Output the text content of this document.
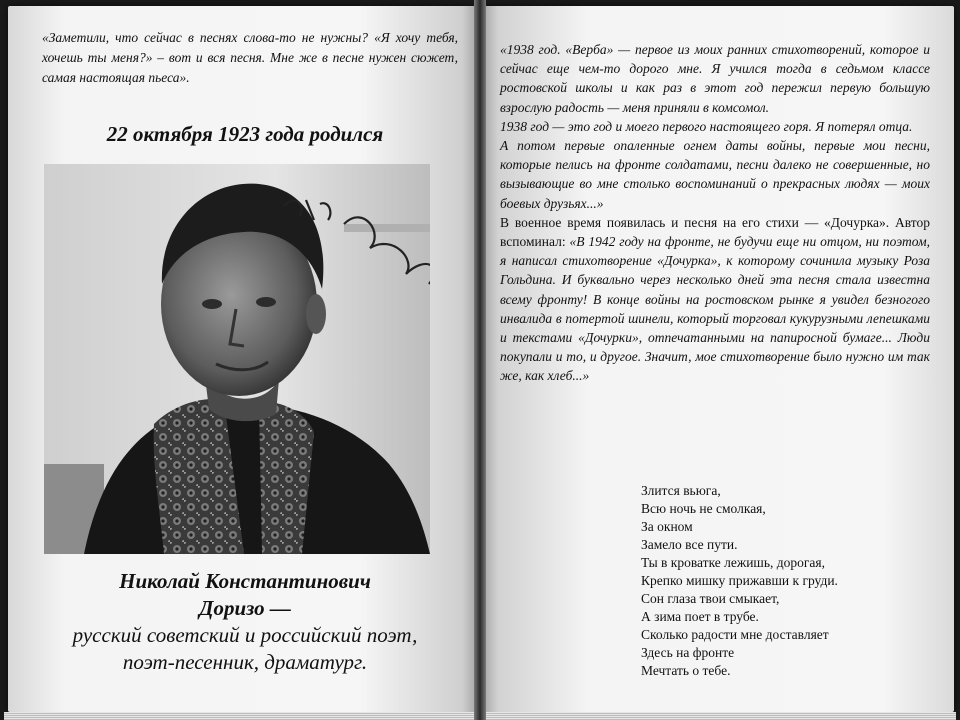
«Заметили, что сейчас в песнях слова-то не нужны? «Я хочу тебя, хочешь ты меня?» – вот и вся песня. Мне же в песне нужен сюжет, самая настоящая пьеса».
22 октября 1923 года родился
Николай Константинович
Доризо —
русский советский и российский поэт,
поэт-песенник, драматург.

«1938 год. «Верба» — первое из моих ранних стихотворений, которое и сейчас еще чем-то дорого мне. Я учился тогда в седьмом классе ростовской школы и как раз в этот год пережил первую большую взрослую радость — меня приняли в комсомол.

1938 год — это год и моего первого настоящего горя. Я потерял отца.

А потом первые опаленные огнем даты войны, первые мои песни, которые пелись на фронте солдатами, песни далеко не совершенные, но вызывающие во мне столько воспоминаний о прекрасных людях — моих боевых друзьях...»

В военное время появилась и песня на его стихи — «Дочурка». Автор вспоминал: «В 1942 году на фронте, не будучи еще ни отцом, ни поэтом, я написал стихотворение «Дочурка», к которому сочинила музыку Роза Гольдина. И буквально через несколько дней эта песня стала известна всему фронту! В конце войны на ростовском рынке я увидел безногого инвалида в потертой шинели, который торговал кукурузными лепешками и текстами «Дочурки», отпечатанными на папиросной бумаге... Люди покупали и то, и другое. Значит, мое стихотворение было нужно им так же, как хлеб...»

Злится вьюга,
Всю ночь не смолкая,
За окном
Замело все пути.
Ты в кроватке лежишь, дорогая,
Крепко мишку прижавши к груди.
Сон глаза твои смыкает,
А зима поет в трубе.
Сколько радости мне доставляет
Здесь на фронте
Мечтать о тебе.
